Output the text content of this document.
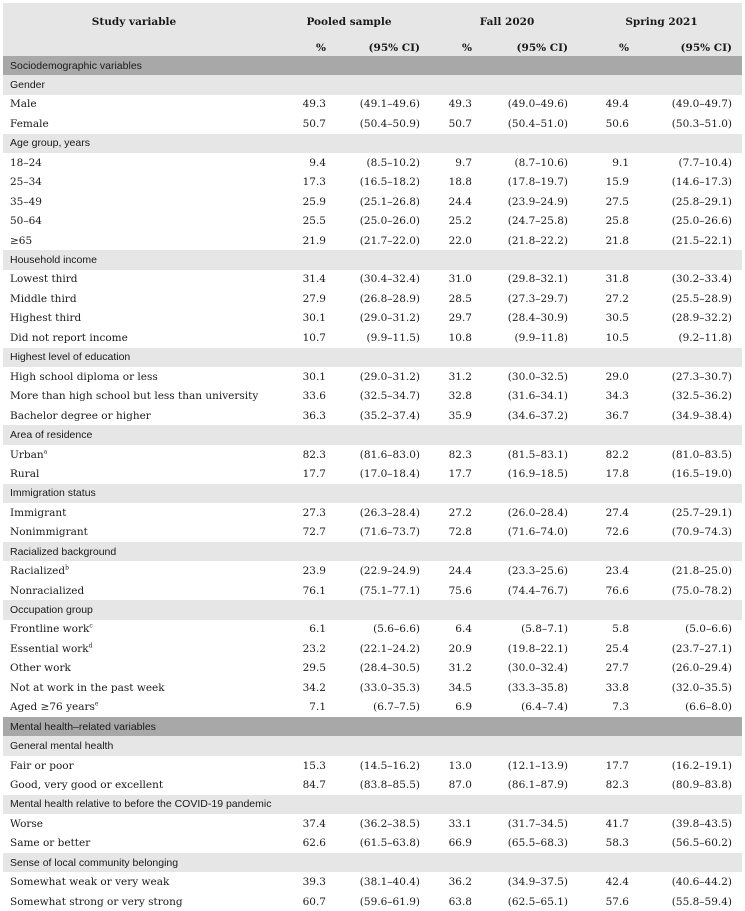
Study variable	Pooled sample	Fall 2020	Spring 2021
%	(95% CI)	%	(95% CI)	%	(95% CI)
Sociodemographic variables
Gender
Male	49.3	(49.1–49.6)	49.3	(49.0–49.6)	49.4	(49.0–49.7)
Female	50.7	(50.4–50.9)	50.7	(50.4–51.0)	50.6	(50.3–51.0)
Age group, years
18–24	9.4	(8.5–10.2)	9.7	(8.7–10.6)	9.1	(7.7–10.4)
25–34	17.3	(16.5–18.2)	18.8	(17.8–19.7)	15.9	(14.6–17.3)
35–49	25.9	(25.1–26.8)	24.4	(23.9–24.9)	27.5	(25.8–29.1)
50–64	25.5	(25.0–26.0)	25.2	(24.7–25.8)	25.8	(25.0–26.6)
≥65	21.9	(21.7–22.0)	22.0	(21.8–22.2)	21.8	(21.5–22.1)
Household income
Lowest third	31.4	(30.4–32.4)	31.0	(29.8–32.1)	31.8	(30.2–33.4)
Middle third	27.9	(26.8–28.9)	28.5	(27.3–29.7)	27.2	(25.5–28.9)
Highest third	30.1	(29.0–31.2)	29.7	(28.4–30.9)	30.5	(28.9–32.2)
Did not report income	10.7	(9.9–11.5)	10.8	(9.9–11.8)	10.5	(9.2–11.8)
Highest level of education
High school diploma or less	30.1	(29.0–31.2)	31.2	(30.0–32.5)	29.0	(27.3–30.7)
More than high school but less than university	33.6	(32.5–34.7)	32.8	(31.6–34.1)	34.3	(32.5–36.2)
Bachelor degree or higher	36.3	(35.2–37.4)	35.9	(34.6–37.2)	36.7	(34.9–38.4)
Area of residence
Urban$^a$	82.3	(81.6–83.0)	82.3	(81.5–83.1)	82.2	(81.0–83.5)
Rural	17.7	(17.0–18.4)	17.7	(16.9–18.5)	17.8	(16.5–19.0)
Immigration status
Immigrant	27.3	(26.3–28.4)	27.2	(26.0–28.4)	27.4	(25.7–29.1)
Nonimmigrant	72.7	(71.6–73.7)	72.8	(71.6–74.0)	72.6	(70.9–74.3)
Racialized background
Racialized$^b$	23.9	(22.9–24.9)	24.4	(23.3–25.6)	23.4	(21.8–25.0)
Nonracialized	76.1	(75.1–77.1)	75.6	(74.4–76.7)	76.6	(75.0–78.2)
Occupation group
Frontline work$^c$	6.1	(5.6–6.6)	6.4	(5.8–7.1)	5.8	(5.0–6.6)
Essential work$^d$	23.2	(22.1–24.2)	20.9	(19.8–22.1)	25.4	(23.7–27.1)
Other work	29.5	(28.4–30.5)	31.2	(30.0–32.4)	27.7	(26.0–29.4)
Not at work in the past week	34.2	(33.0–35.3)	34.5	(33.3–35.8)	33.8	(32.0–35.5)
Aged ≥76 years$^e$	7.1	(6.7–7.5)	6.9	(6.4–7.4)	7.3	(6.6–8.0)
Mental health–related variables
General mental health
Fair or poor	15.3	(14.5–16.2)	13.0	(12.1–13.9)	17.7	(16.2–19.1)
Good, very good or excellent	84.7	(83.8–85.5)	87.0	(86.1–87.9)	82.3	(80.9–83.8)
Mental health relative to before the COVID-19 pandemic
Worse	37.4	(36.2–38.5)	33.1	(31.7–34.5)	41.7	(39.8–43.5)
Same or better	62.6	(61.5–63.8)	66.9	(65.5–68.3)	58.3	(56.5–60.2)
Sense of local community belonging
Somewhat weak or very weak	39.3	(38.1–40.4)	36.2	(34.9–37.5)	42.4	(40.6–44.2)
Somewhat strong or very strong	60.7	(59.6–61.9)	63.8	(62.5–65.1)	57.6	(55.8–59.4)
